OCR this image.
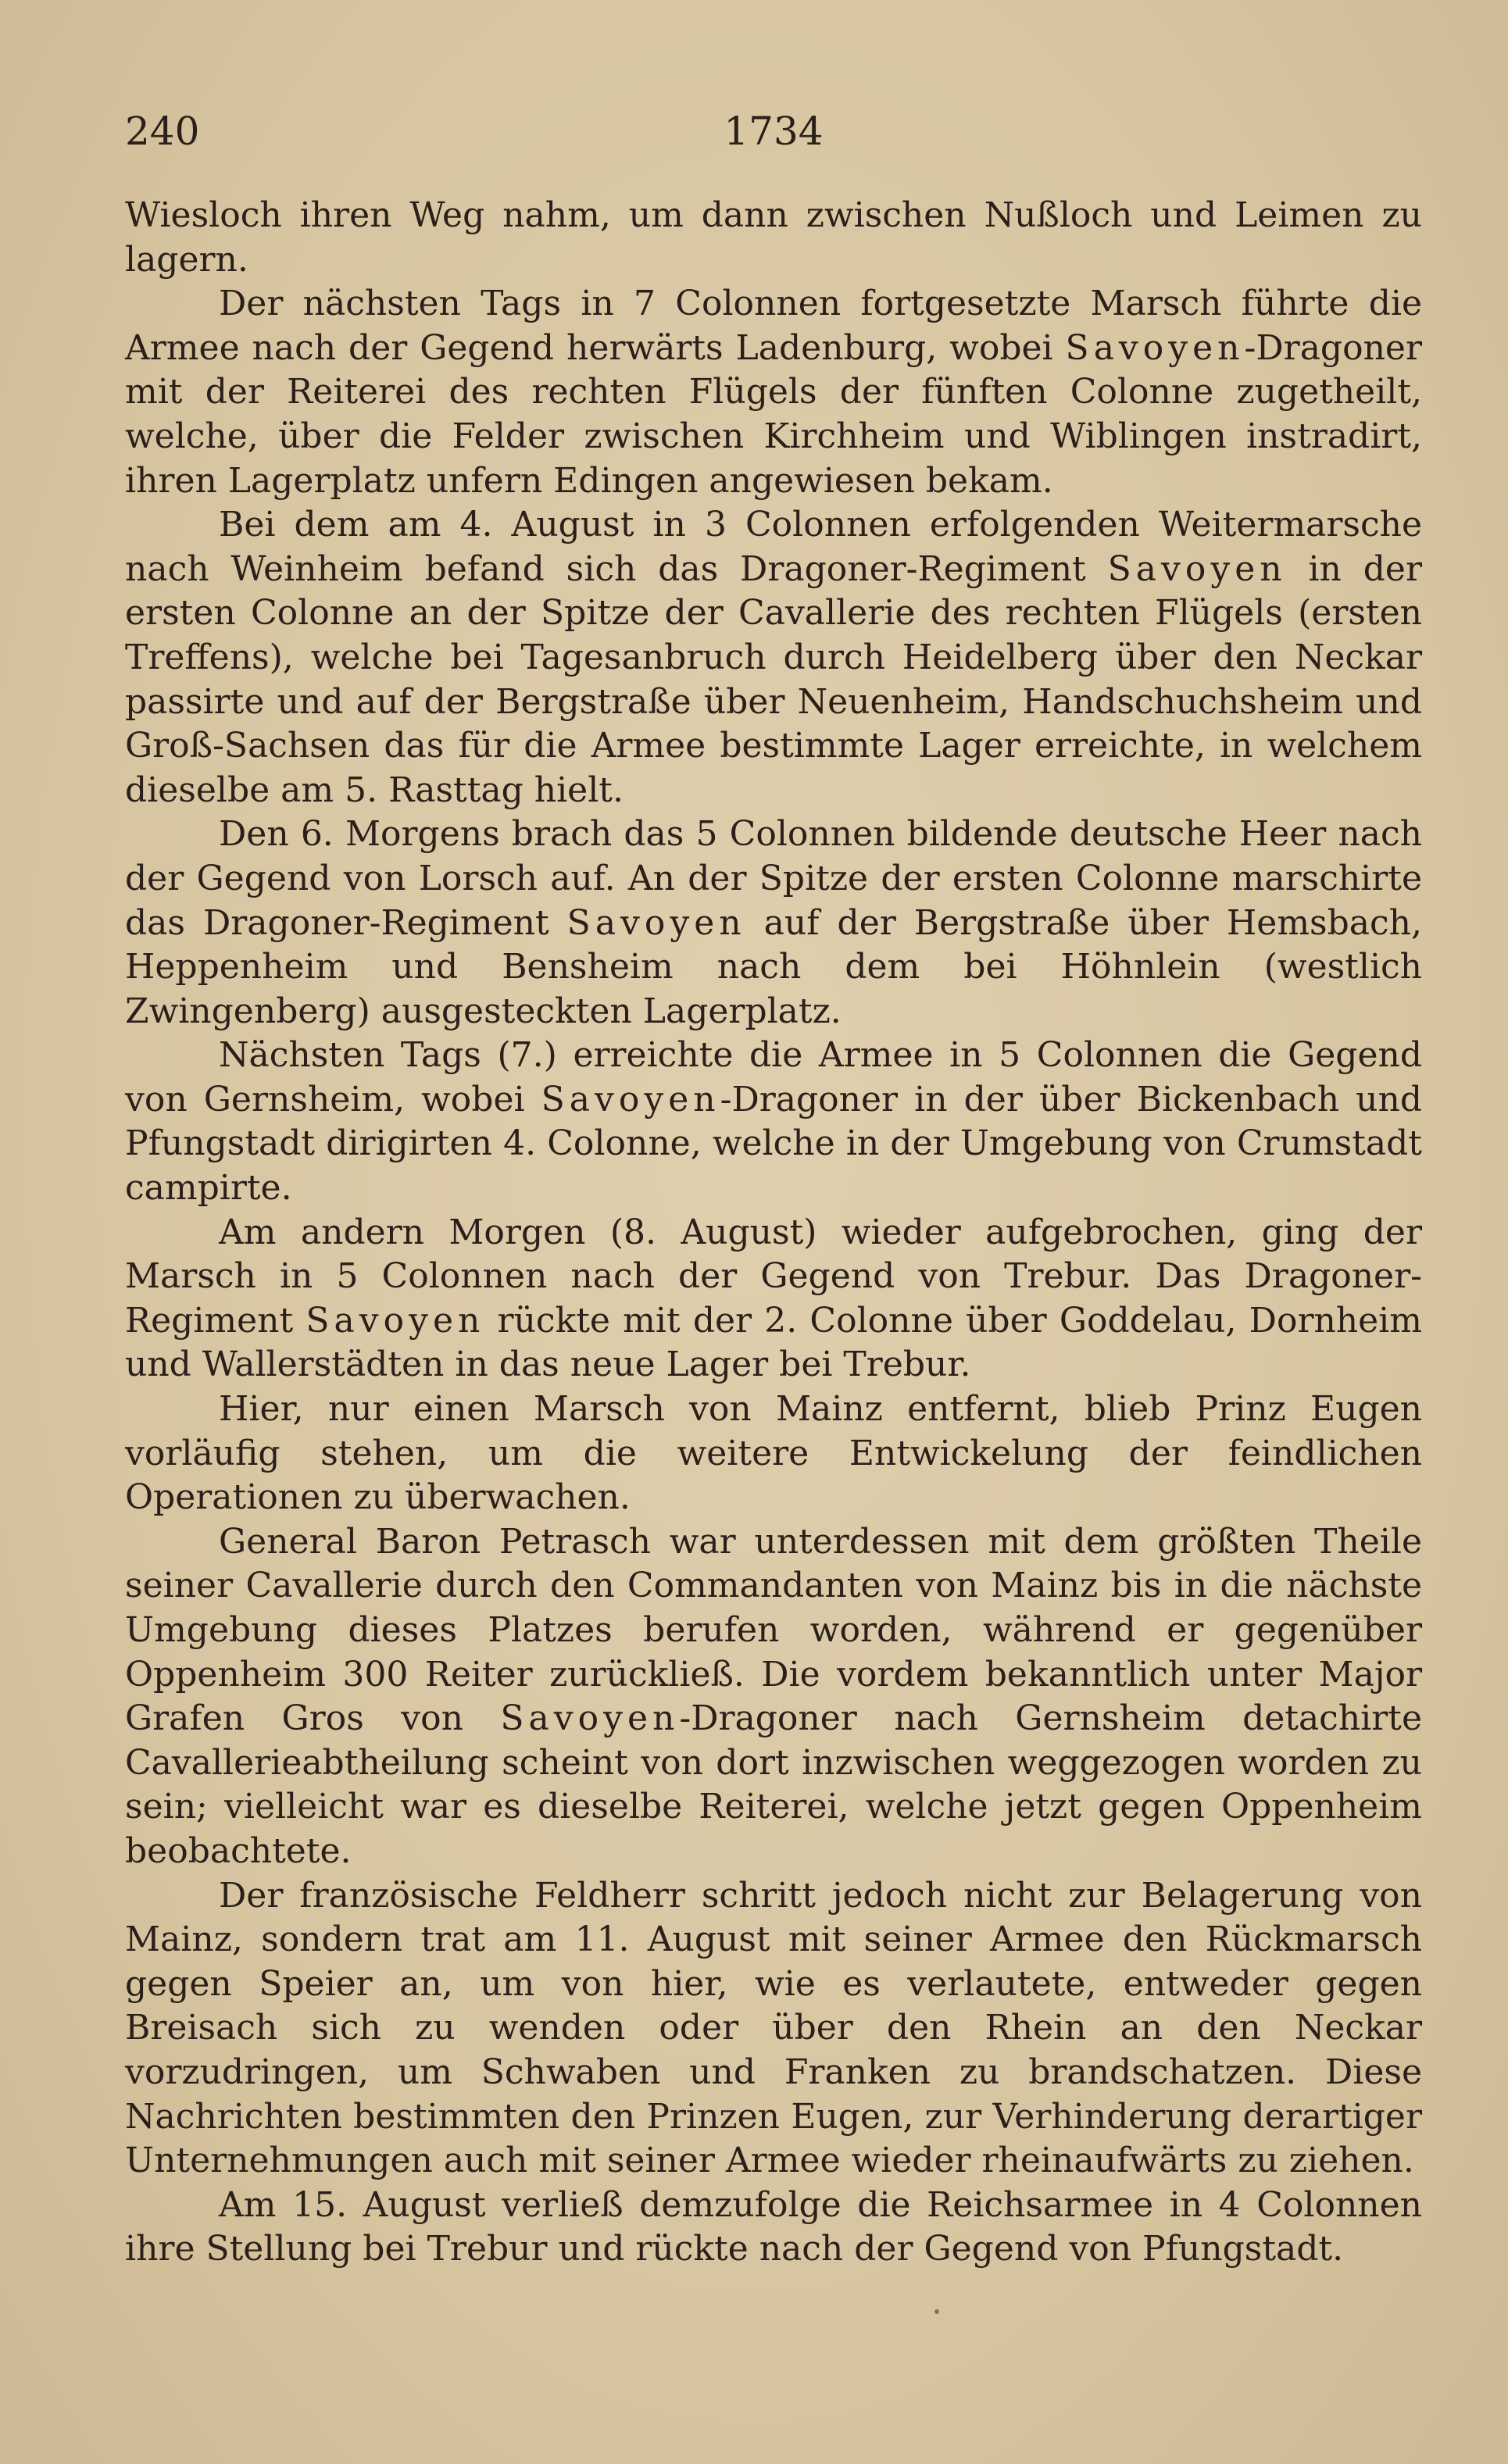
240	1734

Wiesloch ihren Weg nahm, um dann zwischen Nußloch und Leimen zu lagern.

Der nächsten Tags in 7 Colonnen fortgesetzte Marsch führte die Armee nach der Gegend herwärts Ladenburg, wobei Savoyen-Dragoner mit der Reiterei des rechten Flügels der fünften Colonne zugetheilt, welche, über die Felder zwischen Kirchheim und Wiblingen instradirt, ihren Lagerplatz unfern Edingen angewiesen bekam.

Bei dem am 4. August in 3 Colonnen erfolgenden Weitermarsche nach Weinheim befand sich das Dragoner-Regiment Savoyen in der ersten Colonne an der Spitze der Cavallerie des rechten Flügels (ersten Treffens), welche bei Tagesanbruch durch Heidelberg über den Neckar passirte und auf der Bergstraße über Neuenheim, Handschuchsheim und Groß-Sachsen das für die Armee bestimmte Lager erreichte, in welchem dieselbe am 5. Rasttag hielt.

Den 6. Morgens brach das 5 Colonnen bildende deutsche Heer nach der Gegend von Lorsch auf. An der Spitze der ersten Colonne marschirte das Dragoner-Regiment Savoyen auf der Bergstraße über Hemsbach, Heppenheim und Bensheim nach dem bei Höhnlein (westlich Zwingenberg) ausgesteckten Lagerplatz.

Nächsten Tags (7.) erreichte die Armee in 5 Colonnen die Gegend von Gernsheim, wobei Savoyen-Dragoner in der über Bickenbach und Pfungstadt dirigirten 4. Colonne, welche in der Umgebung von Crumstadt campirte.

Am andern Morgen (8. August) wieder aufgebrochen, ging der Marsch in 5 Colonnen nach der Gegend von Trebur. Das Dragoner-Regiment Savoyen rückte mit der 2. Colonne über Goddelau, Dornheim und Wallerstädten in das neue Lager bei Trebur.

Hier, nur einen Marsch von Mainz entfernt, blieb Prinz Eugen vorläufig stehen, um die weitere Entwickelung der feindlichen Operationen zu überwachen.

General Baron Petrasch war unterdessen mit dem größten Theile seiner Cavallerie durch den Commandanten von Mainz bis in die nächste Umgebung dieses Platzes berufen worden, während er gegenüber Oppenheim 300 Reiter zurückließ. Die vordem bekanntlich unter Major Grafen Gros von Savoyen-Dragoner nach Gernsheim detachirte Cavallerieabtheilung scheint von dort inzwischen weggezogen worden zu sein; vielleicht war es dieselbe Reiterei, welche jetzt gegen Oppenheim beobachtete.

Der französische Feldherr schritt jedoch nicht zur Belagerung von Mainz, sondern trat am 11. August mit seiner Armee den Rückmarsch gegen Speier an, um von hier, wie es verlautete, entweder gegen Breisach sich zu wenden oder über den Rhein an den Neckar vorzudringen, um Schwaben und Franken zu brandschatzen. Diese Nachrichten bestimmten den Prinzen Eugen, zur Verhinderung derartiger Unternehmungen auch mit seiner Armee wieder rheinaufwärts zu ziehen.

Am 15. August verließ demzufolge die Reichsarmee in 4 Colonnen ihre Stellung bei Trebur und rückte nach der Gegend von Pfungstadt.
